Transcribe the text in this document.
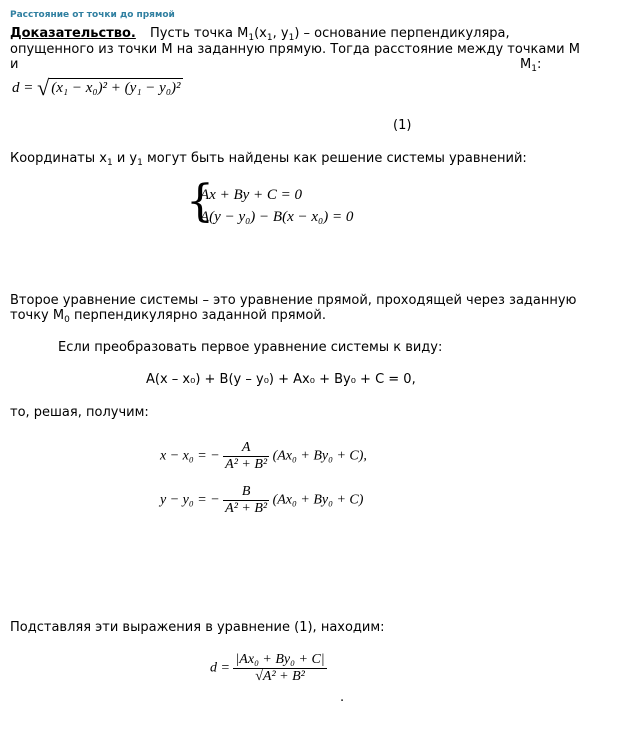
Расстояние от точки до прямой
Доказательство. Пусть точка $M_1(x_1$, $y_1$) – основание перпендикуляра,
опущенного из точки M на заданную прямую. Тогда расстояние между точками M
и	$M_1$:
d = √ (x₁ − x₀)² + (y₁ − y₀)²
(1)
Координаты $x_1$ и $y_1$ могут быть найдены как решение системы уравнений:
{
Ax + By + C = 0
A(y − y₀) − B(x − x₀) = 0
Второе уравнение системы – это уравнение прямой, проходящей через заданную
точку $M_0$ перпендикулярно заданной прямой.
Если преобразовать первое уравнение системы к виду:
A(x – x₀) + B(y – y₀) + Ax₀ + By₀ + C = 0,
то, решая, получим:
x − x₀ = − $\frac{A}{\text{A² + B²}} (Ax_0 + By_0 + C)$,
y − y₀ = − $\frac{B}{\text{A² + B²}} (Ax_0 + By_0 + C)$
Подставляя эти выражения в уравнение (1), находим:
$d = \frac{\text{|Ax₀ + By₀ + C|}}{\text{√A² + B²}}$
.
